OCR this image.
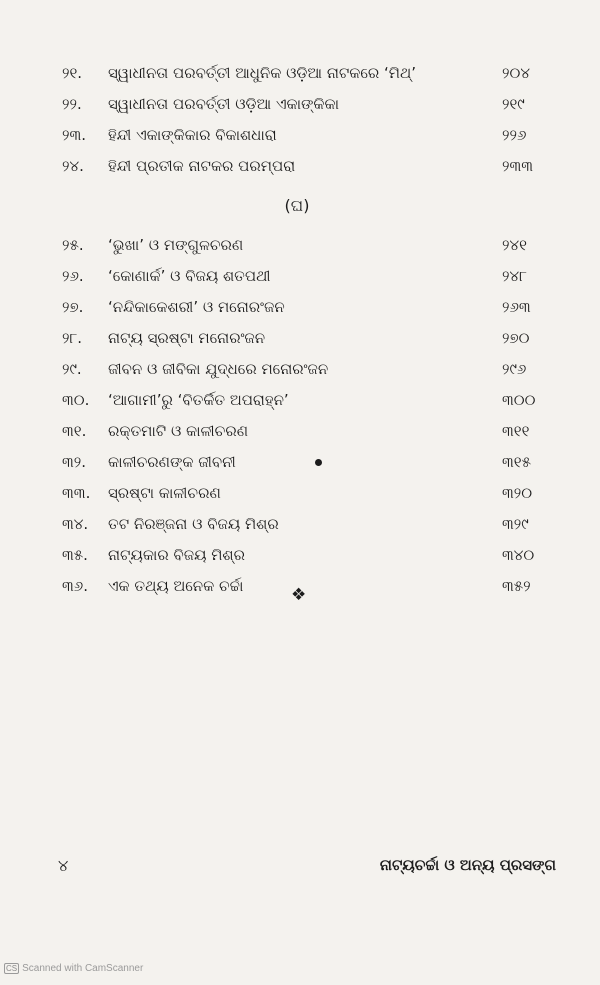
୨୧.	ସ୍ୱାଧୀନତା ପରବର୍ତ୍ତୀ ଆଧୁନିକ ଓଡ଼ିଆ ନାଟକରେ ‘ମିଥ୍’	୨୦୪
୨୨.	ସ୍ୱାଧୀନତା ପରବର୍ତ୍ତୀ ଓଡ଼ିଆ ଏକାଙ୍କିକା	୨୧୯
୨୩.	ହିନ୍ଦୀ ଏକାଙ୍କିକାର ବିକାଶଧାରା	୨୨୬
୨୪.	ହିନ୍ଦୀ ପ୍ରତୀକ ନାଟକର ପରମ୍ପରା	୨୩୩
(ଘ)
୨୫.	‘ଭୁଖା’ ଓ ମଙ୍ଗୁଳଚରଣ	୨୪୧
୨୬.	‘କୋଣାର୍କ’ ଓ ବିଜୟ ଶତପଥୀ	୨୪୮
୨୭.	‘ନନ୍ଦିକାକେଶରୀ’ ଓ ମନୋରଂଜନ	୨୬୩
୨୮.	ନାଟ୍ୟ ସ୍ରଷ୍ଟା ମନୋରଂଜନ	୨୭୦
୨୯.	ଜୀବନ ଓ ଜୀବିକା ଯୁଦ୍ଧରେ ମନୋରଂଜନ	୨୯୬
୩୦.	‘ଆଗାମୀ’ରୁ ‘ବିତର୍କିତ ଅପରାହ୍ନ’	୩୦୦
୩୧.	ରକ୍ତମାଟି ଓ କାଳୀଚରଣ	୩୧୧
୩୨.	କାଳୀଚରଣଙ୍କ ଜୀବନୀ	୩୧୫
୩୩.	ସ୍ରଷ୍ଟା କାଳୀଚରଣ	୩୨୦
୩୪.	ତଟ ନିରଞ୍ଜନା ଓ ବିଜୟ ମିଶ୍ର	୩୨୯
୩୫.	ନାଟ୍ୟକାର ବିଜୟ ମିଶ୍ର	୩୪୦
୩୬.	ଏକ ତଥ୍ୟ ଅନେକ ଚର୍ଚ୍ଚା	୩୫୨
❖
୪	ନାଟ୍ୟଚର୍ଚ୍ଚା ଓ ଅନ୍ୟ ପ୍ରସଙ୍ଗ
CS Scanned with CamScanner
